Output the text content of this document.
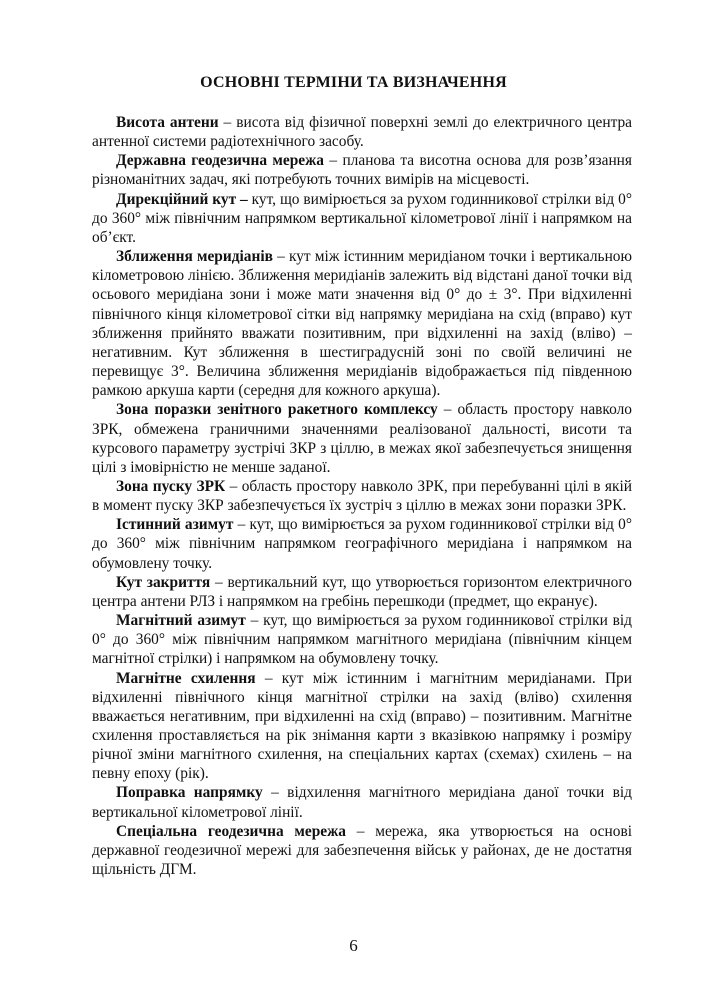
ОСНОВНІ ТЕРМІНИ ТА ВИЗНАЧЕННЯ

Висота антени – висота від фізичної поверхні землі до електричного центра антенної системи радіотехнічного засобу.

Державна геодезична мережа – планова та висотна основа для розв’язання різноманітних задач, які потребують точних вимірів на місцевості.

Дирекційний кут – кут, що вимірюється за рухом годинникової стрілки від 0° до 360° між північним напрямком вертикальної кілометрової лінії і напрямком на об’єкт.

Зближення меридіанів – кут між істинним меридіаном точки і вертикальною кілометровою лінією. Зближення меридіанів залежить від відстані даної точки від осьового меридіана зони і може мати значення від 0° до ± 3°. При відхиленні північного кінця кілометрової сітки від напрямку меридіана на схід (вправо) кут зближення прийнято вважати позитивним, при відхиленні на захід (вліво) – негативним. Кут зближення в шестиградусній зоні по своїй величині не перевищує 3°. Величина зближення меридіанів відображається під південною рамкою аркуша карти (середня для кожного аркуша).

Зона поразки зенітного ракетного комплексу – область простору навколо ЗРК, обмежена граничними значеннями реалізованої дальності, висоти та курсового параметру зустрічі ЗКР з ціллю, в межах якої забезпечується знищення цілі з імовірністю не менше заданої.

Зона пуску ЗРК – область простору навколо ЗРК, при перебуванні цілі в якій в момент пуску ЗКР забезпечується їх зустріч з ціллю в межах зони поразки ЗРК.

Істинний азимут – кут, що вимірюється за рухом годинникової стрілки від 0° до 360° між північним напрямком географічного меридіана і напрямком на обумовлену точку.

Кут закриття – вертикальний кут, що утворюється горизонтом електричного центра антени РЛЗ і напрямком на гребінь перешкоди (предмет, що екранує).

Магнітний азимут – кут, що вимірюється за рухом годинникової стрілки від 0° до 360° між північним напрямком магнітного меридіана (північним кінцем магнітної стрілки) і напрямком на обумовлену точку.

Магнітне схилення – кут між істинним і магнітним меридіанами. При відхиленні північного кінця магнітної стрілки на захід (вліво) схилення вважається негативним, при відхиленні на схід (вправо) – позитивним. Магнітне схилення проставляється на рік знімання карти з вказівкою напрямку і розміру річної зміни магнітного схилення, на спеціальних картах (схемах) схилень – на певну епоху (рік).

Поправка напрямку – відхилення магнітного меридіана даної точки від вертикальної кілометрової лінії.

Спеціальна геодезична мережа – мережа, яка утворюється на основі державної геодезичної мережі для забезпечення військ у районах, де не достатня щільність ДГМ.

6
